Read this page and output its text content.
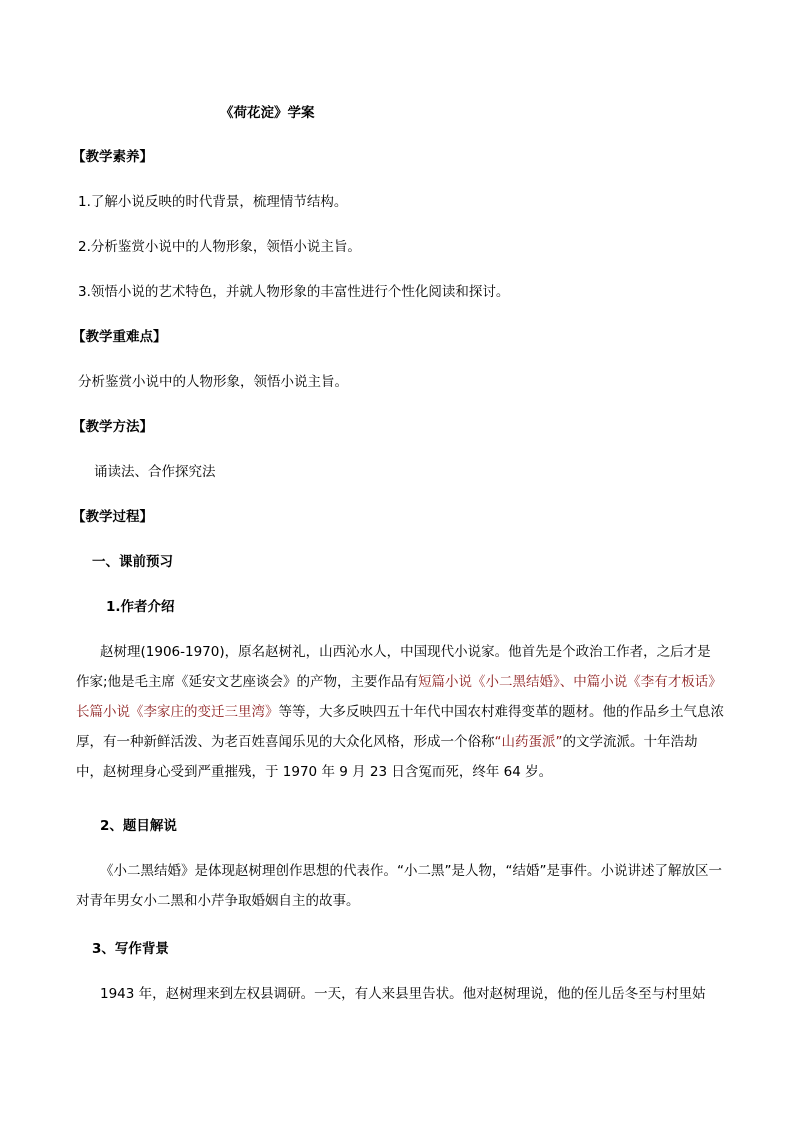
《荷花淀》学案
【教学素养】
1.了解小说反映的时代背景，梳理情节结构。
2.分析鉴赏小说中的人物形象，领悟小说主旨。
3.领悟小说的艺术特色，并就人物形象的丰富性进行个性化阅读和探讨。
【教学重难点】
分析鉴赏小说中的人物形象，领悟小说主旨。
【教学方法】
诵读法、合作探究法
【教学过程】
一、课前预习
1.作者介绍
赵树理(1906-1970)，原名赵树礼，山西沁水人，中国现代小说家。他首先是个政治工作者，之后才是作家;他是毛主席《延安文艺座谈会》的产物，主要作品有短篇小说《小二黑结婚》、中篇小说《李有才板话》长篇小说《李家庄的变迁三里湾》等等，大多反映四五十年代中国农村难得变革的题材。他的作品乡土气息浓厚，有一种新鲜活泼、为老百姓喜闻乐见的大众化风格，形成一个俗称“山药蛋派”的文学流派。十年浩劫中，赵树理身心受到严重摧残，于 1970 年 9 月 23 日含冤而死，终年 64 岁。
2、题目解说
《小二黑结婚》是体现赵树理创作思想的代表作。“小二黑”是人物，“结婚”是事件。小说讲述了解放区一对青年男女小二黑和小芹争取婚姻自主的故事。
3、写作背景
1943 年，赵树理来到左权县调研。一天，有人来县里告状。他对赵树理说，他的侄儿岳冬至与村里姑
